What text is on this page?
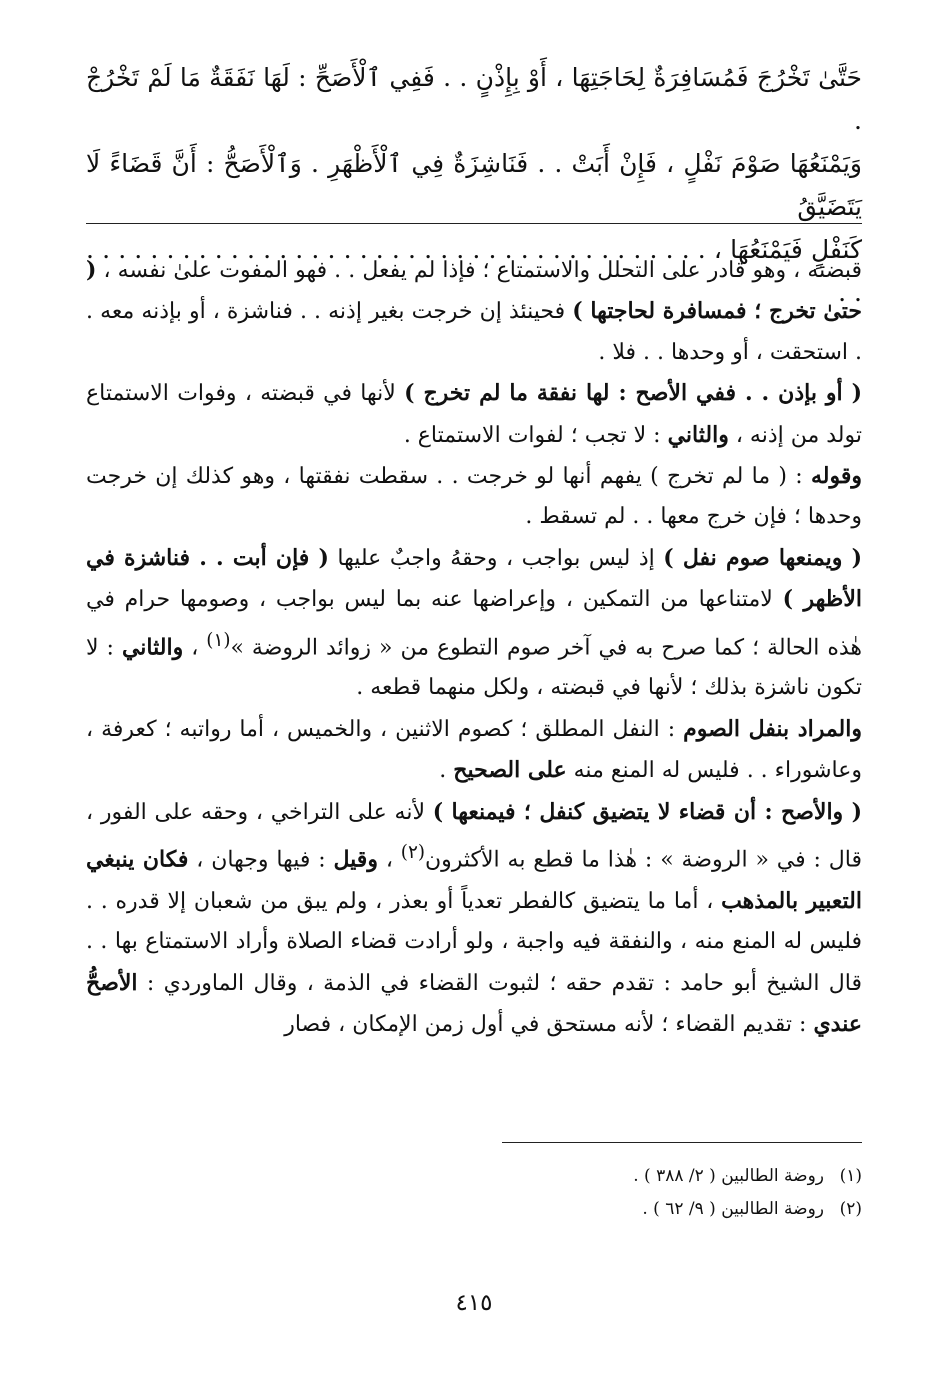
حَتَّىٰ تَخْرُجَ فَمُسَافِرَةٌ لِحَاجَتِهَا ، أَوْ بِإِذْنٍ . . فَفِي ٱلْأَصَحِّ : لَهَا نَفَقَةٌ مَا لَمْ تَخْرُجْ .

وَيَمْنَعُهَا صَوْمَ نَفْلٍ ، فَإِنْ أَبَتْ . . فَنَاشِزَةٌ فِي ٱلْأَظْهَرِ . وَٱلْأَصَحُّ : أَنَّ قَضَاءً لَا يَتَضَيَّقُ

كَنَفْلٍ فَيَمْنَعُهَا ، . . . . . . . . . . . . . . . . . . . . . . . . . . . . . . . . . . . . . . . . .

قبضته ، وهو قادر على التحلل والاستمتاع ؛ فإذا لم يفعل . . فهو المفوت علىٰ نفسه ، ( حتىٰ تخرج ؛ فمسافرة لحاجتها ) فحينئذ إن خرجت بغير إذنه . . فناشزة ، أو بإذنه معه . . استحقت ، أو وحدها . . فلا .

( أو بإذن . . ففي الأصح : لها نفقة ما لم تخرج ) لأنها في قبضته ، وفوات الاستمتاع تولد من إذنه ، والثاني : لا تجب ؛ لفوات الاستمتاع .

وقوله : ( ما لم تخرج ) يفهم أنها لو خرجت . . سقطت نفقتها ، وهو كذلك إن خرجت وحدها ؛ فإن خرج معها . . لم تسقط .

( ويمنعها صوم نفل ) إذ ليس بواجب ، وحقهُ واجبٌ عليها ( فإن أبت . . فناشزة في الأظهر ) لامتناعها من التمكين ، وإعراضها عنه بما ليس بواجب ، وصومها حرام في هٰذه الحالة ؛ كما صرح به في آخر صوم التطوع من « زوائد الروضة »$^{(١)}$ ، والثاني : لا تكون ناشزة بذلك ؛ لأنها في قبضته ، ولكل منهما قطعه .

والمراد بنفل الصوم : النفل المطلق ؛ كصوم الاثنين ، والخميس ، أما رواتبه ؛ كعرفة ، وعاشوراء . . فليس له المنع منه على الصحيح .

( والأصح : أن قضاء لا يتضيق كنفل ؛ فيمنعها ) لأنه على التراخي ، وحقه على الفور ، قال : في « الروضة » : هٰذا ما قطع به الأكثرون$^{(٢)}$ ، وقيل : فيها وجهان ، فكان ينبغي التعبير بالمذهب ، أما ما يتضيق كالفطر تعدياً أو بعذر ، ولم يبق من شعبان إلا قدره . . فليس له المنع منه ، والنفقة فيه واجبة ، ولو أرادت قضاء الصلاة وأراد الاستمتاع بها . . قال الشيخ أبو حامد : تقدم حقه ؛ لثبوت القضاء في الذمة ، وقال الماوردي : الأصحُّ عندي : تقديم القضاء ؛ لأنه مستحق في أول زمن الإمكان ، فصار

(١)روضة الطالبين ( ٢/ ٣٨٨ ) .
(٢)روضة الطالبين ( ٩/ ٦٢ ) .
٤١٥
